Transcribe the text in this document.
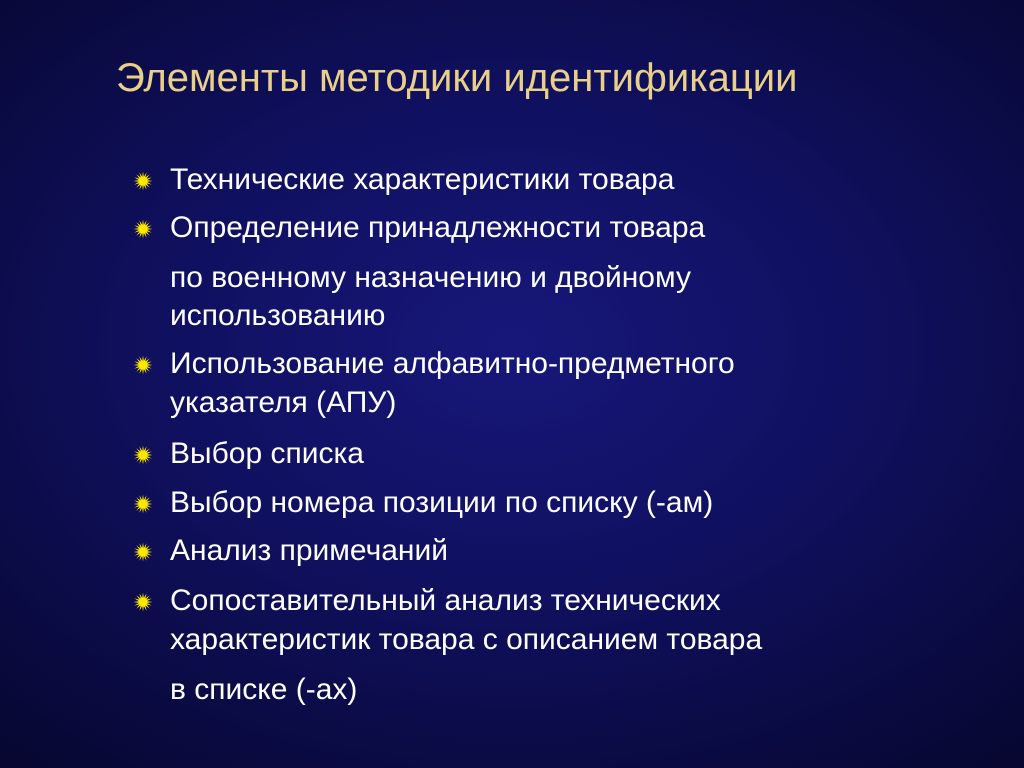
Элементы методики идентификации
Технические характеристики товара
Определение принадлежности товара
по военному назначению и двойному
использованию
Использование алфавитно-предметного
указателя (АПУ)
Выбор списка
Выбор номера позиции по списку (-ам)
Анализ примечаний
Сопоставительный анализ технических
характеристик товара с описанием товара
в списке (-ах)
